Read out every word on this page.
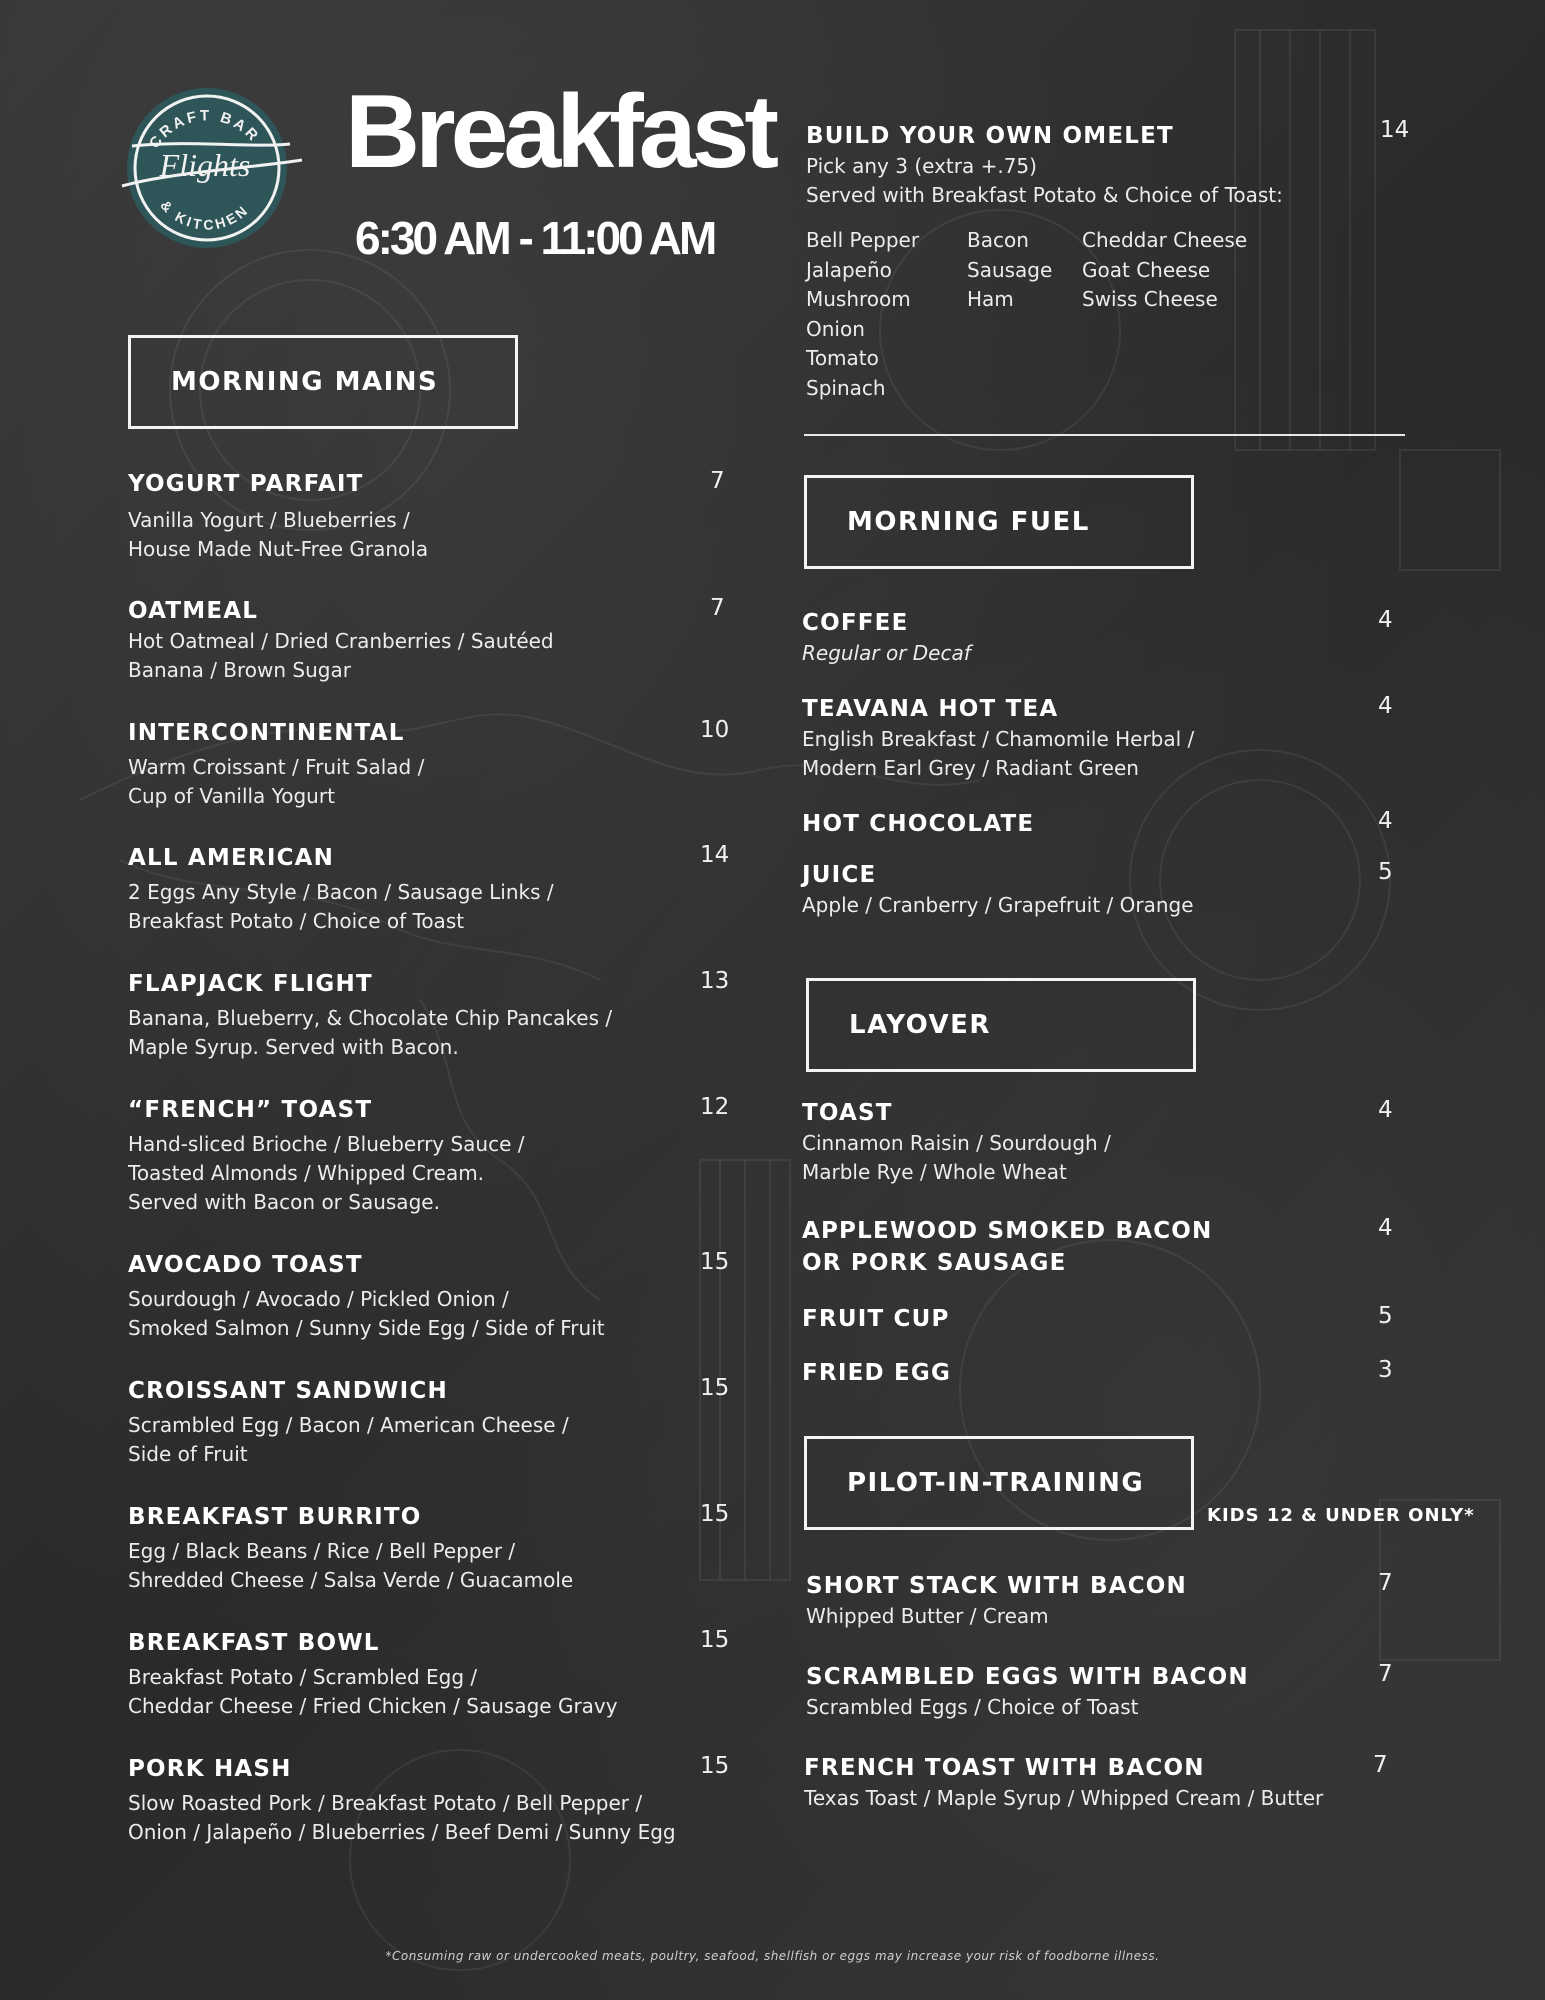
CRAFT BAR
Flights
& KITCHEN
Breakfast
6:30 AM - 11:00 AM
MORNING MAINS
YOGURT PARFAIT
Vanilla Yogurt / Blueberries /
House Made Nut-Free Granola
7
OATMEAL
Hot Oatmeal / Dried Cranberries / Sautéed
Banana / Brown Sugar
7
INTERCONTINENTAL
Warm Croissant / Fruit Salad /
Cup of Vanilla Yogurt
10
ALL AMERICAN
2 Eggs Any Style / Bacon / Sausage Links /
Breakfast Potato / Choice of Toast
14
FLAPJACK FLIGHT
Banana, Blueberry, & Chocolate Chip Pancakes /
Maple Syrup. Served with Bacon.
13
“FRENCH” TOAST
Hand-sliced Brioche / Blueberry Sauce /
Toasted Almonds / Whipped Cream.
Served with Bacon or Sausage.
12
AVOCADO TOAST
Sourdough / Avocado / Pickled Onion /
Smoked Salmon / Sunny Side Egg / Side of Fruit
15
CROISSANT SANDWICH
Scrambled Egg / Bacon / American Cheese /
Side of Fruit
15
BREAKFAST BURRITO
Egg / Black Beans / Rice / Bell Pepper /
Shredded Cheese / Salsa Verde / Guacamole
15
BREAKFAST BOWL
Breakfast Potato / Scrambled Egg /
Cheddar Cheese / Fried Chicken / Sausage Gravy
15
PORK HASH
Slow Roasted Pork / Breakfast Potato / Bell Pepper /
Onion / Jalapeño / Blueberries / Beef Demi / Sunny Egg
15
BUILD YOUR OWN OMELET
Pick any 3 (extra +.75)
Served with Breakfast Potato & Choice of Toast:
14
Bell Pepper
Jalapeño
Mushroom
Onion
Tomato
Spinach
Bacon
Sausage
Ham
Cheddar Cheese
Goat Cheese
Swiss Cheese
MORNING FUEL
COFFEE
Regular or Decaf
4
TEAVANA HOT TEA
English Breakfast / Chamomile Herbal /
Modern Earl Grey / Radiant Green
4
HOT CHOCOLATE	4
JUICE
Apple / Cranberry / Grapefruit / Orange
5
LAYOVER
TOAST
Cinnamon Raisin / Sourdough /
Marble Rye / Whole Wheat
4
APPLEWOOD SMOKED BACON
OR PORK SAUSAGE
4
FRUIT CUP	5
FRIED EGG	3
PILOT-IN-TRAINING
KIDS 12 & UNDER ONLY*
SHORT STACK WITH BACON
Whipped Butter / Cream
7
SCRAMBLED EGGS WITH BACON
Scrambled Eggs / Choice of Toast
7
FRENCH TOAST WITH BACON
Texas Toast / Maple Syrup / Whipped Cream / Butter
7
*Consuming raw or undercooked meats, poultry, seafood, shellfish or eggs may increase your risk of foodborne illness.
